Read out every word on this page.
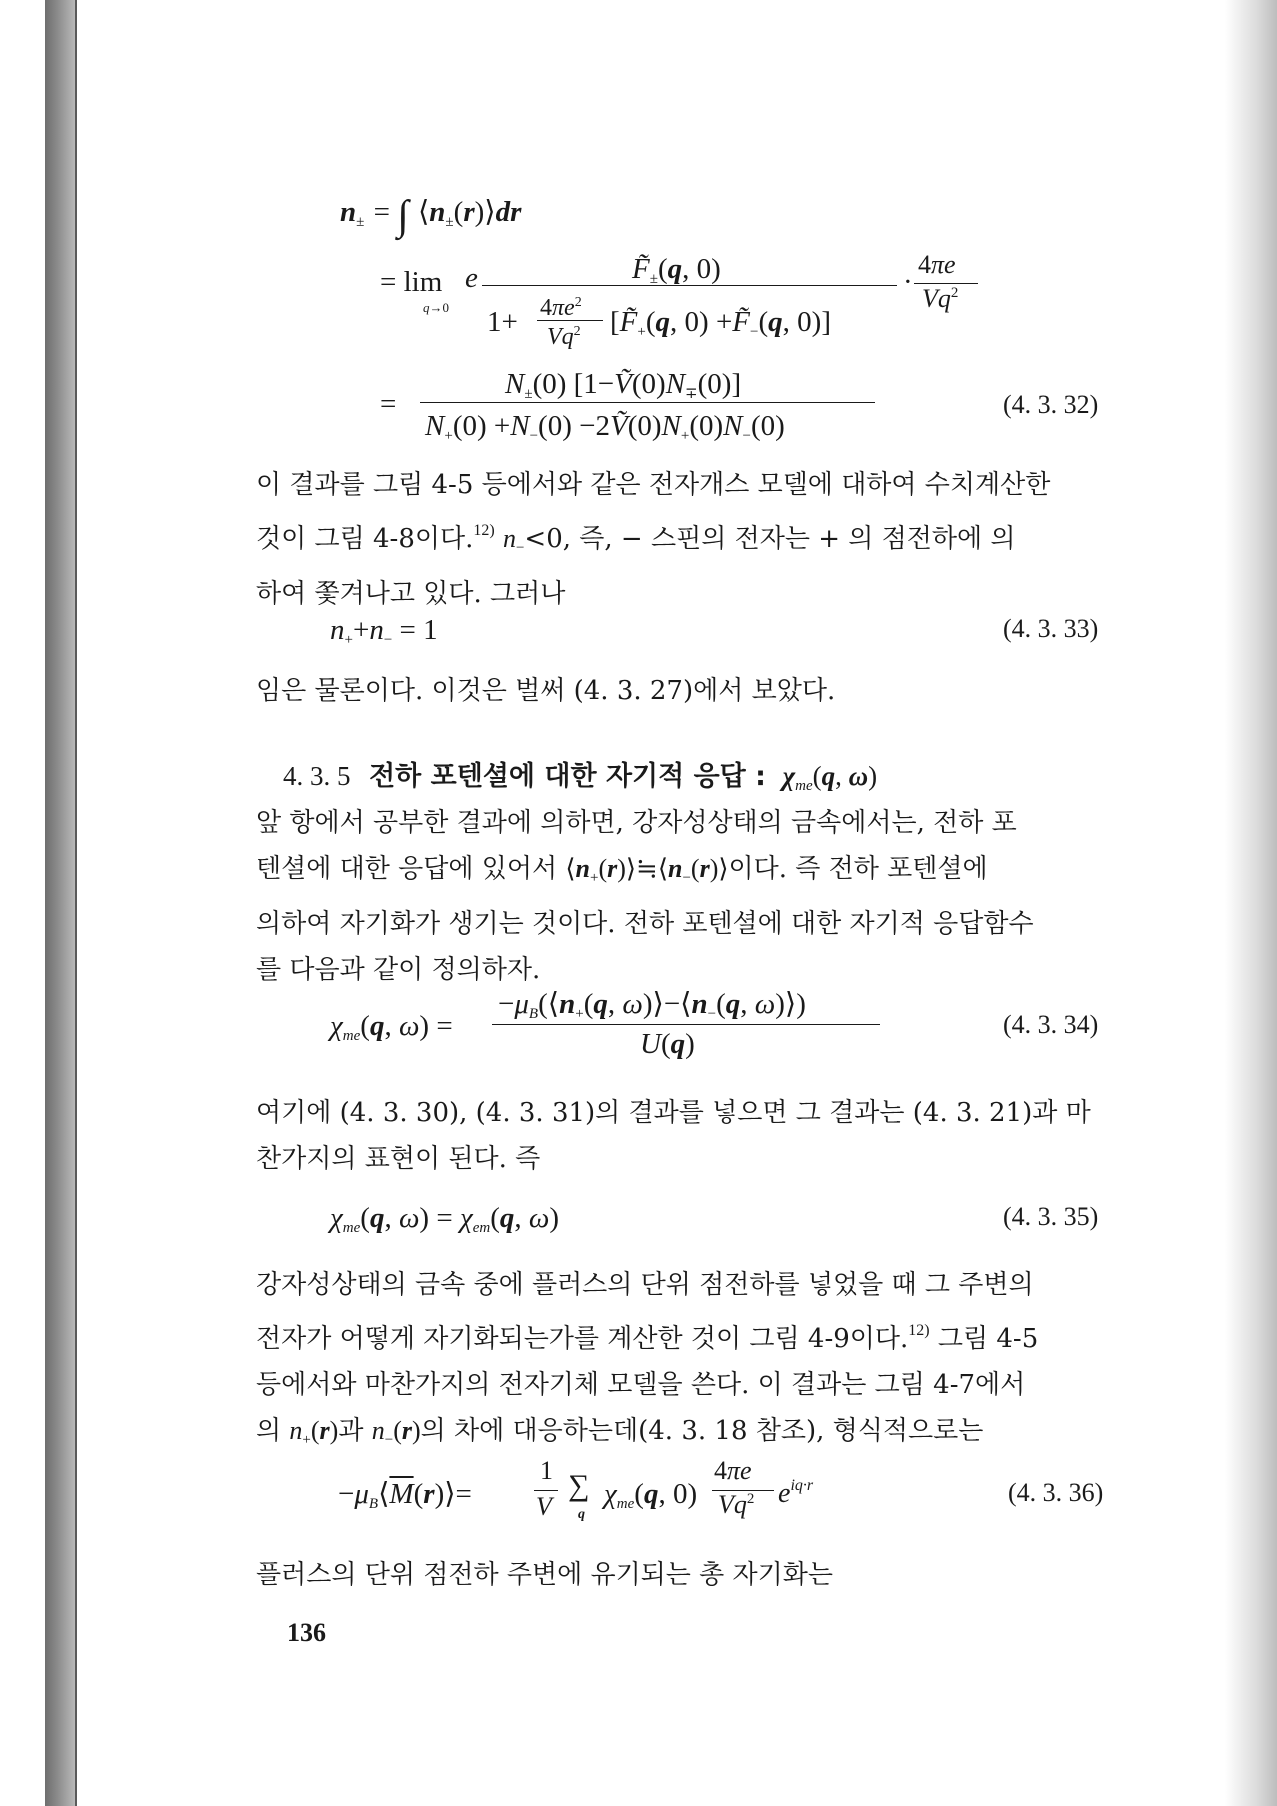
$n_\pm$ = ∫ $⟨n_\pm(r)⟩dr$
= lim
q→0
e	$F̃_\pm(q$, 0)
$1+ 4\pi e^2$
Vq$^2$ [$F̃_+(q$, $0) +F̃_-(q$, 0)]
·
4πe
$Vq^2$
=
$N_\pm(0)$ $[1-Ṽ(0)N_\mp(0)]$
$N_+(0) +N_-(0)$ $-2Ṽ(0)N_+(0)N_-(0)$
(4. 3. 32)
이 결과를 그림 4-5 등에서와 같은 전자개스 모델에 대하여 수치계산한
것이 그림 4-8이다.$^{12)}$ $n_-<0$, 즉, − 스핀의 전자는 + 의 점전하에 의
하여 쫓겨나고 있다. 그러나
$n_++n_- = 1$	(4. 3. 33)
임은 물론이다. 이것은 벌써 (4. 3. 27)에서 보았다.
4. 3. 5 전하 포텐셜에 대한 자기적 응답 : $\chi_{me}(q$, ω)
앞 항에서 공부한 결과에 의하면, 강자성상태의 금속에서는, 전하 포
텐셜에 대한 응답에 있어서 $⟨n_+(r)⟩≒⟨n_-(r)⟩$이다. 즉 전하 포텐셜에
의하여 자기화가 생기는 것이다. 전하 포텐셜에 대한 자기적 응답함수
를 다음과 같이 정의하자.
$\chi_{me}(q$, ω) =
$-\mu_B(⟨n_+(q$, $\omega)⟩-⟨n_-(q$, ω)⟩)
U(q)
(4. 3. 34)
여기에 (4. 3. 30), (4. 3. 31)의 결과를 넣으면 그 결과는 (4. 3. 21)과 마
찬가지의 표현이 된다. 즉
$\chi_{me}(q$, $\omega) = \chi_{em}(q$, ω)	(4. 3. 35)
강자성상태의 금속 중에 플러스의 단위 점전하를 넣었을 때 그 주변의
전자가 어떻게 자기화되는가를 계산한 것이 그림 4-9이다.$^{12)}$ 그림 4-5
등에서와 마찬가지의 전자기체 모델을 쓴다. 이 결과는 그림 4-7에서
의 $n_+(r)$과 $n_-(r)$의 차에 대응하는데(4. 3. 18 참조), 형식적으로는
$-\mu_B⟨\overline{M}(r)⟩=$
1
V
∑
q
$\chi_{me}(q$, 0)
4πe
Vq$^2$ $e^{iq\cdot r}$	(4. 3. 36)
플러스의 단위 점전하 주변에 유기되는 총 자기화는
136
